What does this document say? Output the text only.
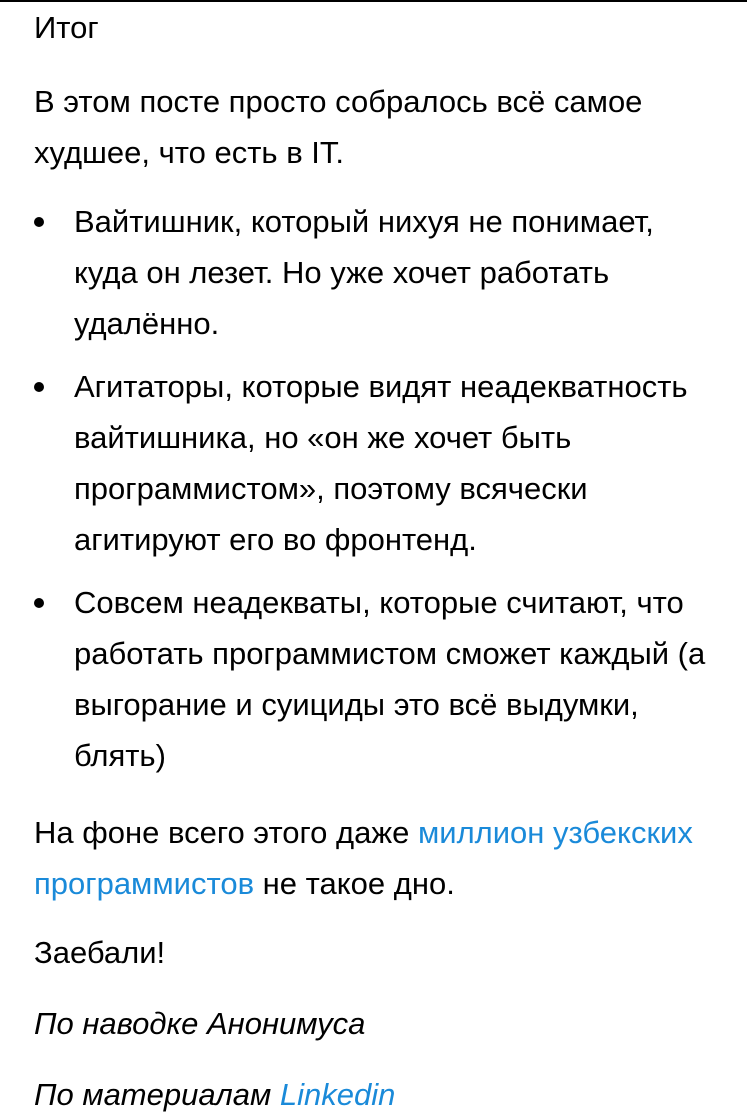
Итог

В этом посте просто собралось всё самое худшее, что есть в IT.

Вайтишник, который нихуя не понимает, куда он лезет. Но уже хочет работать удалённо.
Агитаторы, которые видят неадекватность вайтишника, но «он же хочет быть программистом», поэтому всячески агитируют его во фронтенд.
Совсем неадекваты, которые считают, что работать программистом сможет каждый (а выгорание и суициды это всё выдумки, блять)

На фоне всего этого даже миллион узбекских программистов не такое дно.

Заебали!

По наводке Анонимуса

По материалам Linkedin
